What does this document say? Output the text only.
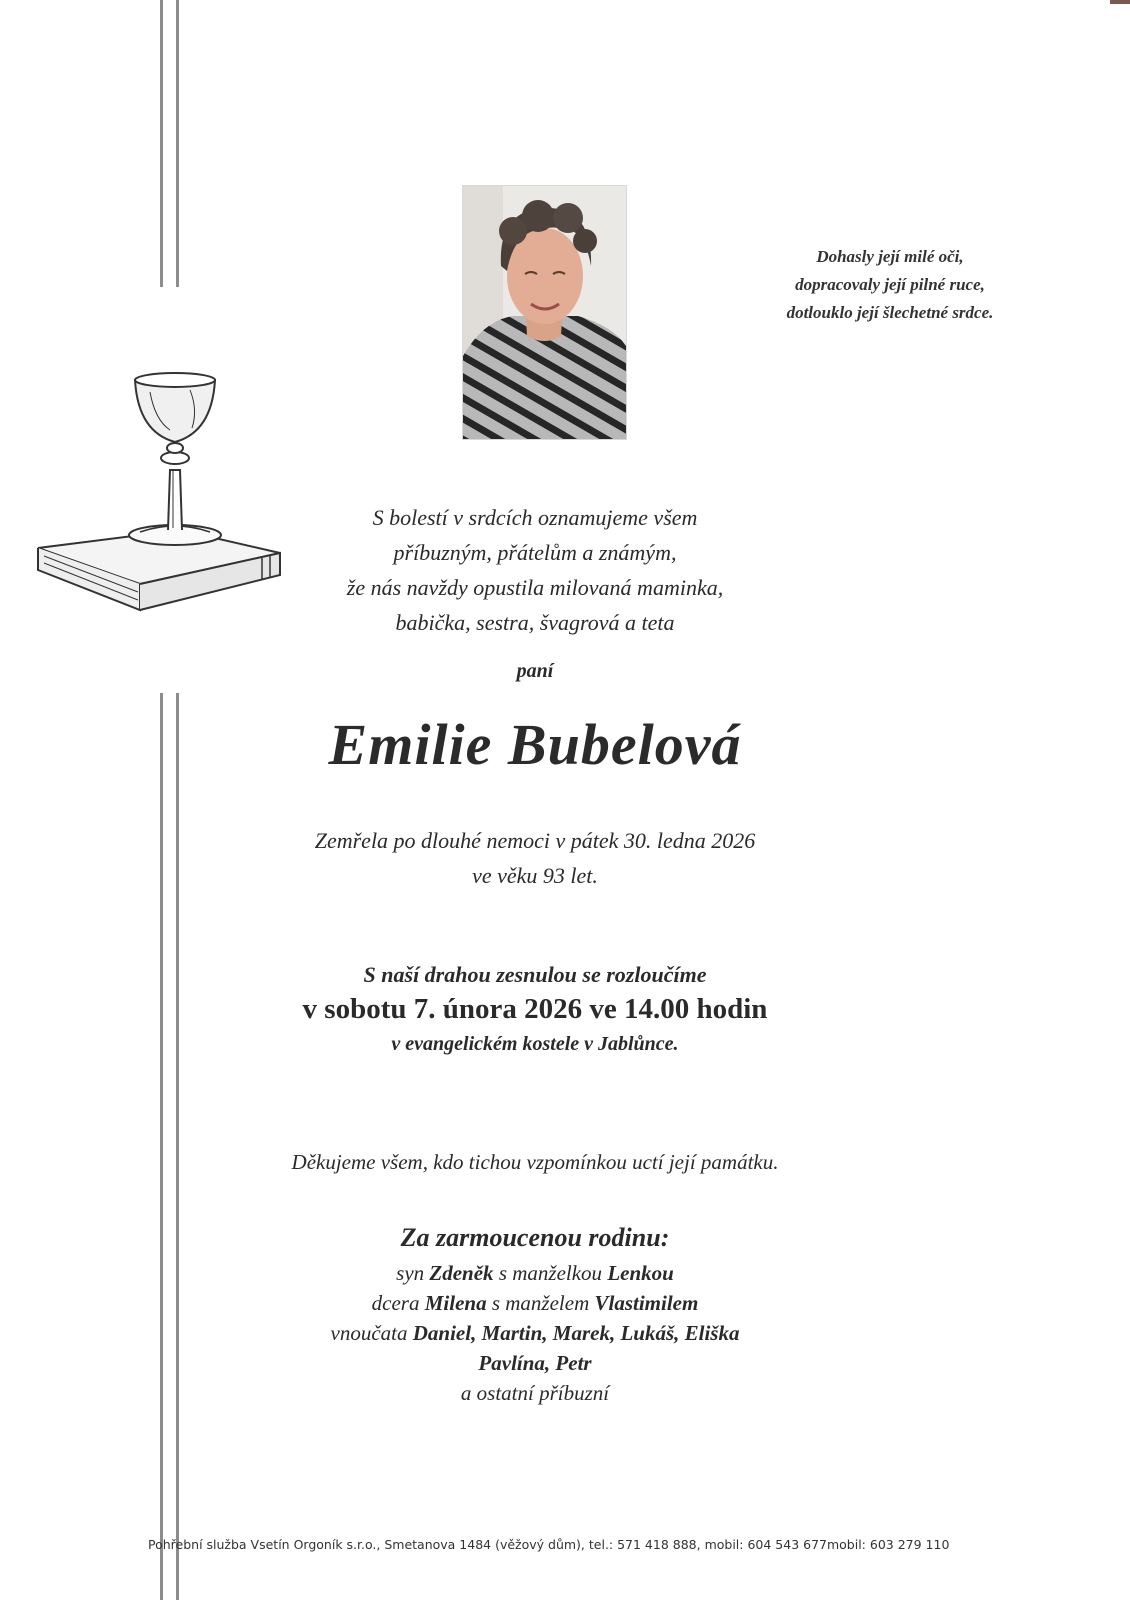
Dohasly její milé oči,
dopracovaly její pilné ruce,
dotlouklo její šlechetné srdce.
S bolestí v srdcích oznamujeme všem
příbuzným, přátelům a známým,
že nás navždy opustila milovaná maminka,
babička, sestra, švagrová a teta
paní
Emilie Bubelová
Zemřela po dlouhé nemoci v pátek 30. ledna 2026
ve věku 93 let.
S naší drahou zesnulou se rozloučíme
v sobotu 7. února 2026 ve 14.00 hodin
v evangelickém kostele v Jablůnce.
Děkujeme všem, kdo tichou vzpomínkou uctí její památku.
Za zarmoucenou rodinu:
syn Zdeněk s manželkou Lenkou
dcera Milena s manželem Vlastimilem
vnoučata Daniel, Martin, Marek, Lukáš, Eliška
Pavlína, Petr
a ostatní příbuzní
Pohřební služba Vsetín Orgoník s.r.o., Smetanova 1484 (věžový dům), tel.: 571 418 888, mobil: 604 543 677mobil: 603 279 110
